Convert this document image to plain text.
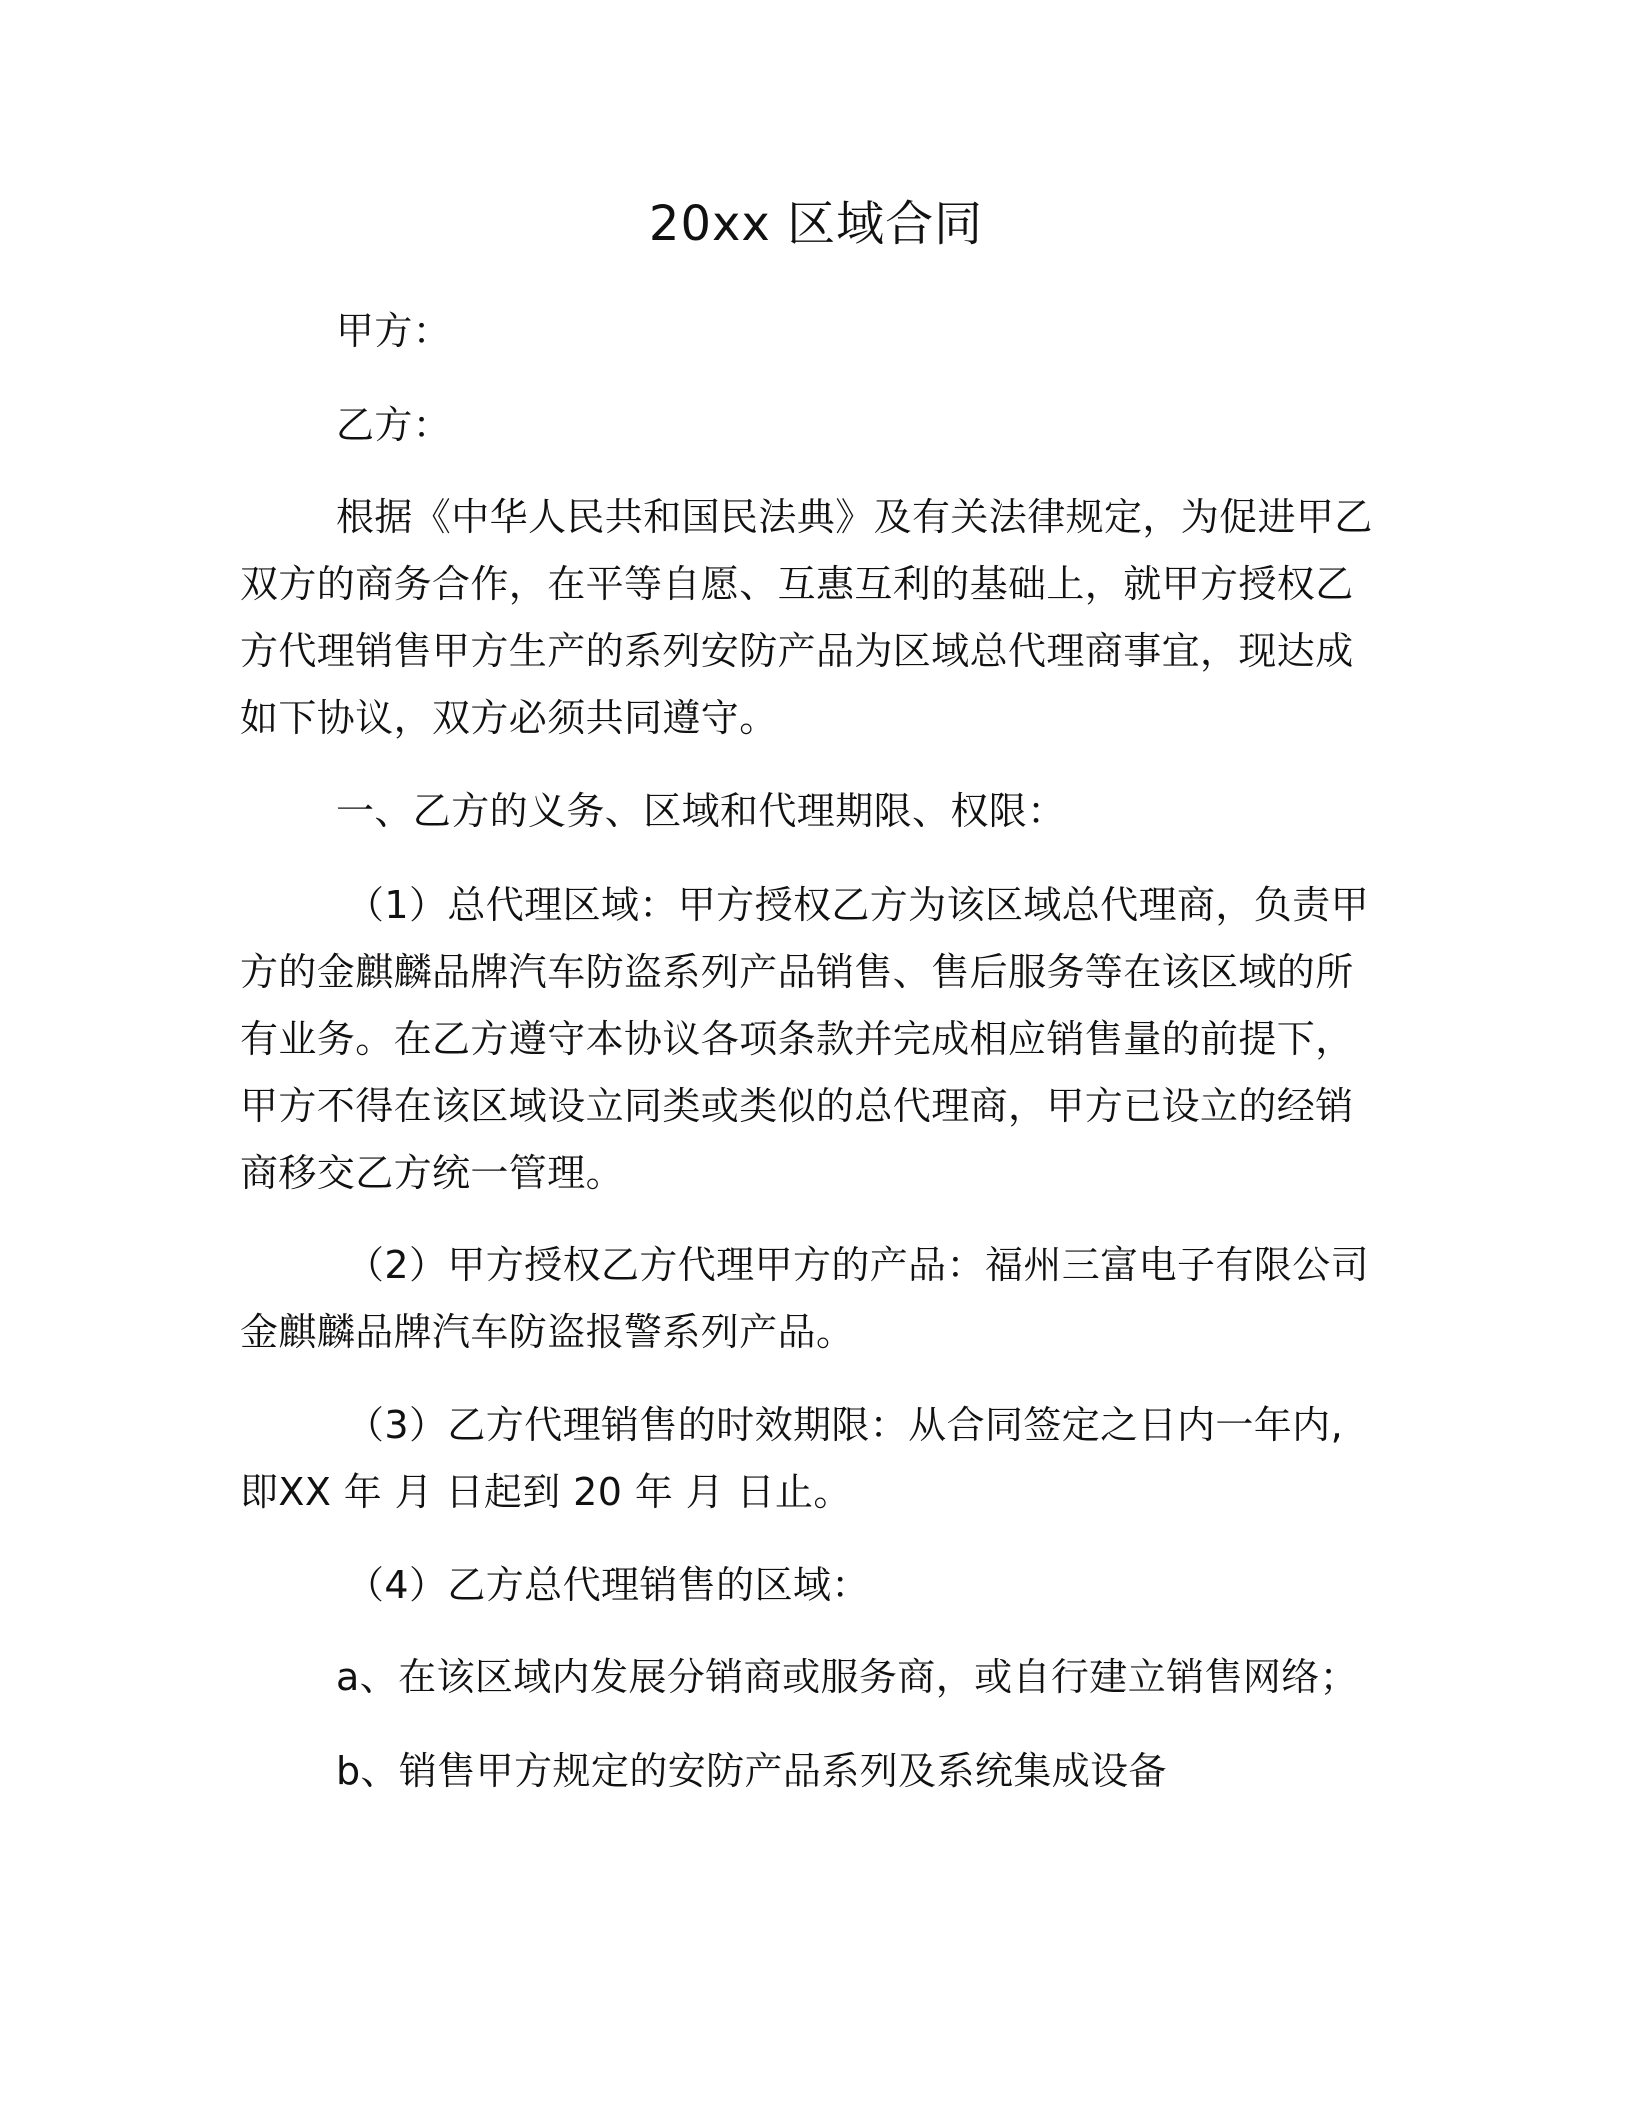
20xx 区域合同

甲方：

乙方：

根据《中华人民共和国民法典》及有关法律规定，为促进甲乙双方的商务合作，在平等自愿、互惠互利的基础上，就甲方授权乙方代理销售甲方生产的系列安防产品为区域总代理商事宜，现达成如下协议，双方必须共同遵守。

一、乙方的义务、区域和代理期限、权限：

（1）总代理区域：甲方授权乙方为该区域总代理商，负责甲方的金麒麟品牌汽车防盗系列产品销售、售后服务等在该区域的所有业务。在乙方遵守本协议各项条款并完成相应销售量的前提下，甲方不得在该区域设立同类或类似的总代理商，甲方已设立的经销商移交乙方统一管理。

（2）甲方授权乙方代理甲方的产品：福州三富电子有限公司金麒麟品牌汽车防盗报警系列产品。

（3）乙方代理销售的时效期限：从合同签定之日内一年内,即XX 年 月 日起到 20 年 月 日止。

（4）乙方总代理销售的区域：

a、在该区域内发展分销商或服务商，或自行建立销售网络；

b、销售甲方规定的安防产品系列及系统集成设备
